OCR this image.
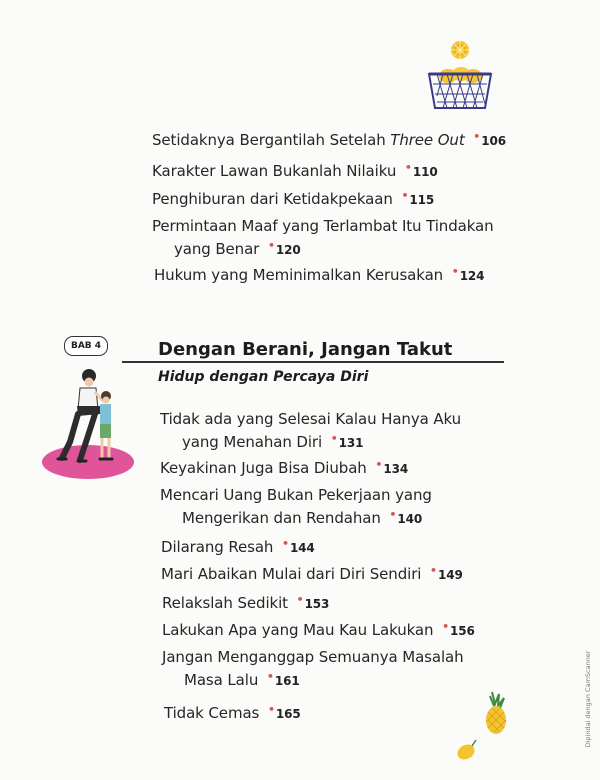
Setidaknya Bergantilah Setelah Three Out •106
Karakter Lawan Bukanlah Nilaiku •110
Penghiburan dari Ketidakpekaan •115
Permintaan Maaf yang Terlambat Itu Tindakan
yang Benar •120
Hukum yang Meminimalkan Kerusakan •124
BAB 4	Dengan Berani, Jangan Takut
Hidup dengan Percaya Diri
Tidak ada yang Selesai Kalau Hanya Aku
yang Menahan Diri •131
Keyakinan Juga Bisa Diubah •134
Mencari Uang Bukan Pekerjaan yang
Mengerikan dan Rendahan •140
Dilarang Resah •144
Mari Abaikan Mulai dari Diri Sendiri •149
Relakslah Sedikit •153
Lakukan Apa yang Mau Kau Lakukan •156
Jangan Menganggap Semuanya Masalah
Masa Lalu •161
Tidak Cemas •165	Dipindai dengan CamScanner
